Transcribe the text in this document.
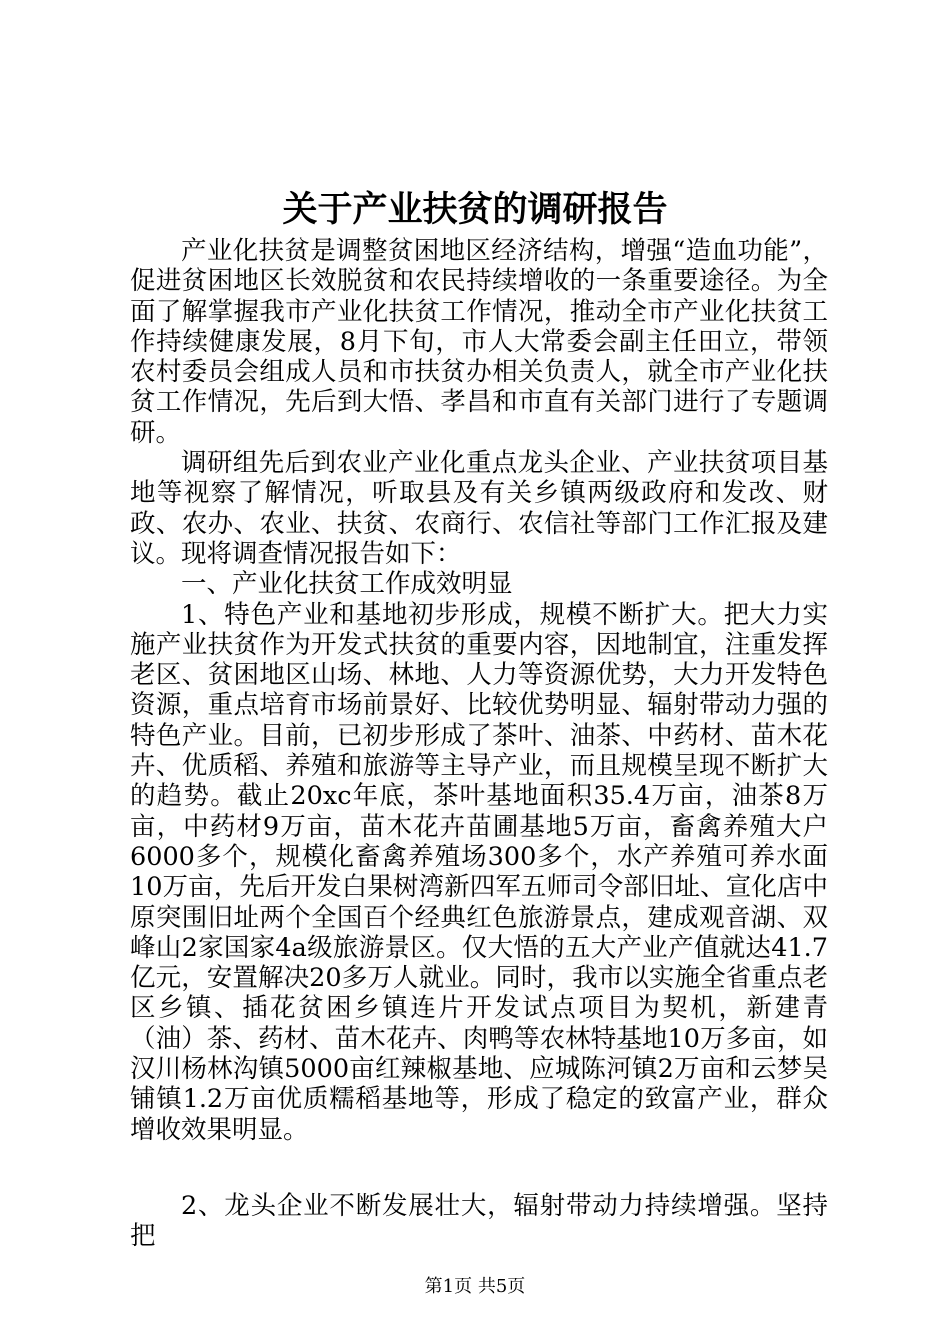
关于产业扶贫的调研报告

产业化扶贫是调整贫困地区经济结构，增强“造血功能”，促进贫困地区长效脱贫和农民持续增收的一条重要途径。为全面了解掌握我市产业化扶贫工作情况，推动全市产业化扶贫工作持续健康发展，8月下旬，市人大常委会副主任田立，带领农村委员会组成人员和市扶贫办相关负责人，就全市产业化扶贫工作情况，先后到大悟、孝昌和市直有关部门进行了专题调研。

调研组先后到农业产业化重点龙头企业、产业扶贫项目基地等视察了解情况，听取县及有关乡镇两级政府和发改、财政、农办、农业、扶贫、农商行、农信社等部门工作汇报及建议。现将调查情况报告如下：

一、产业化扶贫工作成效明显

1、特色产业和基地初步形成，规模不断扩大。把大力实施产业扶贫作为开发式扶贫的重要内容，因地制宜，注重发挥老区、贫困地区山场、林地、人力等资源优势，大力开发特色资源，重点培育市场前景好、比较优势明显、辐射带动力强的特色产业。目前，已初步形成了茶叶、油茶、中药材、苗木花卉、优质稻、养殖和旅游等主导产业，而且规模呈现不断扩大的趋势。截止20xc年底，茶叶基地面积35.4万亩，油茶8万亩，中药材9万亩，苗木花卉苗圃基地5万亩，畜禽养殖大户6000多个，规模化畜禽养殖场300多个，水产养殖可养水面10万亩，先后开发白果树湾新四军五师司令部旧址、宣化店中原突围旧址两个全国百个经典红色旅游景点，建成观音湖、双峰山2家国家4a级旅游景区。仅大悟的五大产业产值就达41.7亿元，安置解决20多万人就业。同时，我市以实施全省重点老区乡镇、插花贫困乡镇连片开发试点项目为契机，新建青（油）茶、药材、苗木花卉、肉鸭等农林特基地10万多亩，如汉川杨林沟镇5000亩红辣椒基地、应城陈河镇2万亩和云梦吴铺镇1.2万亩优质糯稻基地等，形成了稳定的致富产业，群众增收效果明显。

2、龙头企业不断发展壮大，辐射带动力持续增强。坚持把

第1页 共5页
